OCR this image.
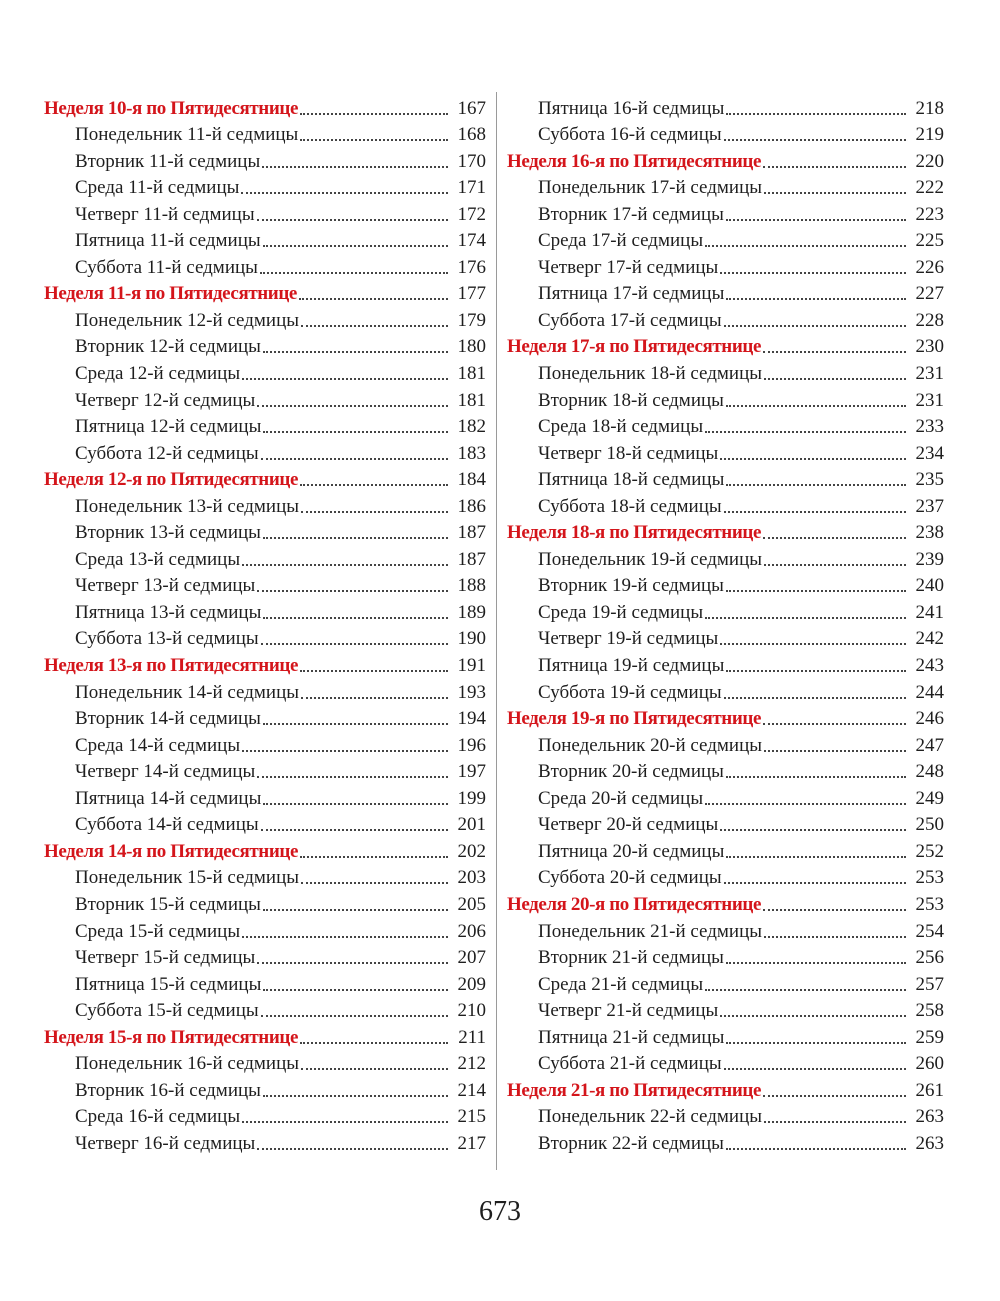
Неделя 10-я по Пятидесятнице	167
Понедельник 11-й седмицы	168
Вторник 11-й седмицы	170
Среда 11-й седмицы	171
Четверг 11-й седмицы	172
Пятница 11-й седмицы	174
Суббота 11-й седмицы	176
Неделя 11-я по Пятидесятнице	177
Понедельник 12-й седмицы	179
Вторник 12-й седмицы	180
Среда 12-й седмицы	181
Четверг 12-й седмицы	181
Пятница 12-й седмицы	182
Суббота 12-й седмицы	183
Неделя 12-я по Пятидесятнице	184
Понедельник 13-й седмицы	186
Вторник 13-й седмицы	187
Среда 13-й седмицы	187
Четверг 13-й седмицы	188
Пятница 13-й седмицы	189
Суббота 13-й седмицы	190
Неделя 13-я по Пятидесятнице	191
Понедельник 14-й седмицы	193
Вторник 14-й седмицы	194
Среда 14-й седмицы	196
Четверг 14-й седмицы	197
Пятница 14-й седмицы	199
Суббота 14-й седмицы	201
Неделя 14-я по Пятидесятнице	202
Понедельник 15-й седмицы	203
Вторник 15-й седмицы	205
Среда 15-й седмицы	206
Четверг 15-й седмицы	207
Пятница 15-й седмицы	209
Суббота 15-й седмицы	210
Неделя 15-я по Пятидесятнице	211
Понедельник 16-й седмицы	212
Вторник 16-й седмицы	214
Среда 16-й седмицы	215
Четверг 16-й седмицы	217
Пятница 16-й седмицы	218
Суббота 16-й седмицы	219
Неделя 16-я по Пятидесятнице	220
Понедельник 17-й седмицы	222
Вторник 17-й седмицы	223
Среда 17-й седмицы	225
Четверг 17-й седмицы	226
Пятница 17-й седмицы	227
Суббота 17-й седмицы	228
Неделя 17-я по Пятидесятнице	230
Понедельник 18-й седмицы	231
Вторник 18-й седмицы	231
Среда 18-й седмицы	233
Четверг 18-й седмицы	234
Пятница 18-й седмицы	235
Суббота 18-й седмицы	237
Неделя 18-я по Пятидесятнице	238
Понедельник 19-й седмицы	239
Вторник 19-й седмицы	240
Среда 19-й седмицы	241
Четверг 19-й седмицы	242
Пятница 19-й седмицы	243
Суббота 19-й седмицы	244
Неделя 19-я по Пятидесятнице	246
Понедельник 20-й седмицы	247
Вторник 20-й седмицы	248
Среда 20-й седмицы	249
Четверг 20-й седмицы	250
Пятница 20-й седмицы	252
Суббота 20-й седмицы	253
Неделя 20-я по Пятидесятнице	253
Понедельник 21-й седмицы	254
Вторник 21-й седмицы	256
Среда 21-й седмицы	257
Четверг 21-й седмицы	258
Пятница 21-й седмицы	259
Суббота 21-й седмицы	260
Неделя 21-я по Пятидесятнице	261
Понедельник 22-й седмицы	263
Вторник 22-й седмицы	263
673
